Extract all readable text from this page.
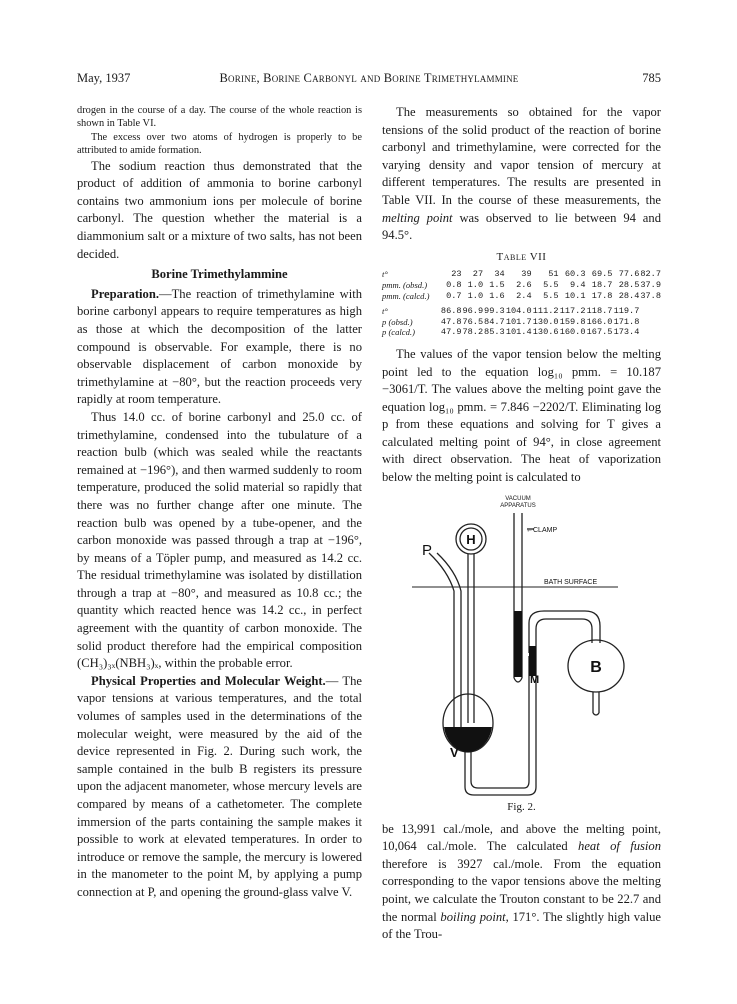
May, 1937	Borine, Borine Carbonyl and Borine Trimethylammine	785

drogen in the course of a day. The course of the whole reaction is shown in Table VI.

The excess over two atoms of hydrogen is properly to be attributed to amide formation.

The sodium reaction thus demonstrated that the product of addition of ammonia to borine carbonyl contains two ammonium ions per molecule of borine carbonyl. The question whether the material is a diammonium salt or a mixture of two salts, has not been decided.

Borine Trimethylammine

Preparation.—The reaction of trimethylamine with borine carbonyl appears to require temperatures as high as those at which the decomposition of the latter compound is observable. For example, there is no observable displacement of carbon monoxide by trimethylamine at −80°, but the reaction proceeds very rapidly at room temperature.

Thus 14.0 cc. of borine carbonyl and 25.0 cc. of trimethylamine, condensed into the tubulature of a reaction bulb (which was sealed while the reactants remained at −196°), and then warmed suddenly to room temperature, produced the solid material so rapidly that there was no further change after one minute. The reaction bulb was opened by a tube-opener, and the carbon monoxide was passed through a trap at −196°, by means of a Töpler pump, and measured as 14.2 cc. The residual trimethylamine was isolated by distillation through a trap at −80°, and measured as 10.8 cc.; the quantity which reacted hence was 14.2 cc., in perfect agreement with the quantity of carbon monoxide. The solid product therefore had the empirical composition (CH₃)₃ₓ(NBH₃)ₓ, within the probable error.

Physical Properties and Molecular Weight.— The vapor tensions at various temperatures, and the total volumes of samples used in the determinations of the molecular weight, were measured by the aid of the device represented in Fig. 2. During such work, the sample contained in the bulb B registers its pressure upon the adjacent manometer, whose mercury levels are compared by means of a cathetometer. The complete immersion of the parts containing the sample makes it possible to work at elevated temperatures. In order to introduce or remove the sample, the mercury is lowered in the manometer to the point M, by applying a pump connection at P, and opening the ground-glass valve V.

The measurements so obtained for the vapor tensions of the solid product of the reaction of borine carbonyl and trimethylamine, were corrected for the varying density and vapor tension of mercury at different temperatures. The results are presented in Table VII. In the course of these measurements, the melting point was observed to lie between 94 and 94.5°.

Table VII
t°	23	27	34	39	51	60.3	69.5	77.6	82.7
pmm. (obsd.)	0.8	1.0	1.5	2.6	5.5	9.4	18.7	28.5	37.9
pmm. (calcd.)	0.7	1.0	1.6	2.4	5.5	10.1	17.8	28.4	37.8
t°	86.8	96.9	99.3	104.0	111.2	117.2	118.7	119.7	
p (obsd.)	47.8	76.5	84.7	101.7	130.0	159.8	166.0	171.8	
p (calcd.)	47.9	78.2	85.3	101.4	130.6	160.0	167.5	173.4	

The values of the vapor tension below the melting point led to the equation log₁₀ pmm. = 10.187 −3061/T. The values above the melting point gave the equation log₁₀ pmm. = 7.846 −2202/T. Eliminating log p from these equations and solving for T gives a calculated melting point of 94°, in close agreement with direct observation. The heat of vaporization below the melting point is calculated to

VACUUM
APPARATUS
←CLAMP
BATH SURFACE
H
P
B
M
V
Fig. 2.

be 13,991 cal./mole, and above the melting point, 10,064 cal./mole. The calculated heat of fusion therefore is 3927 cal./mole. From the equation corresponding to the vapor tensions above the melting point, we calculate the Trouton constant to be 22.7 and the normal boiling point, 171°. The slightly high value of the Trou-
